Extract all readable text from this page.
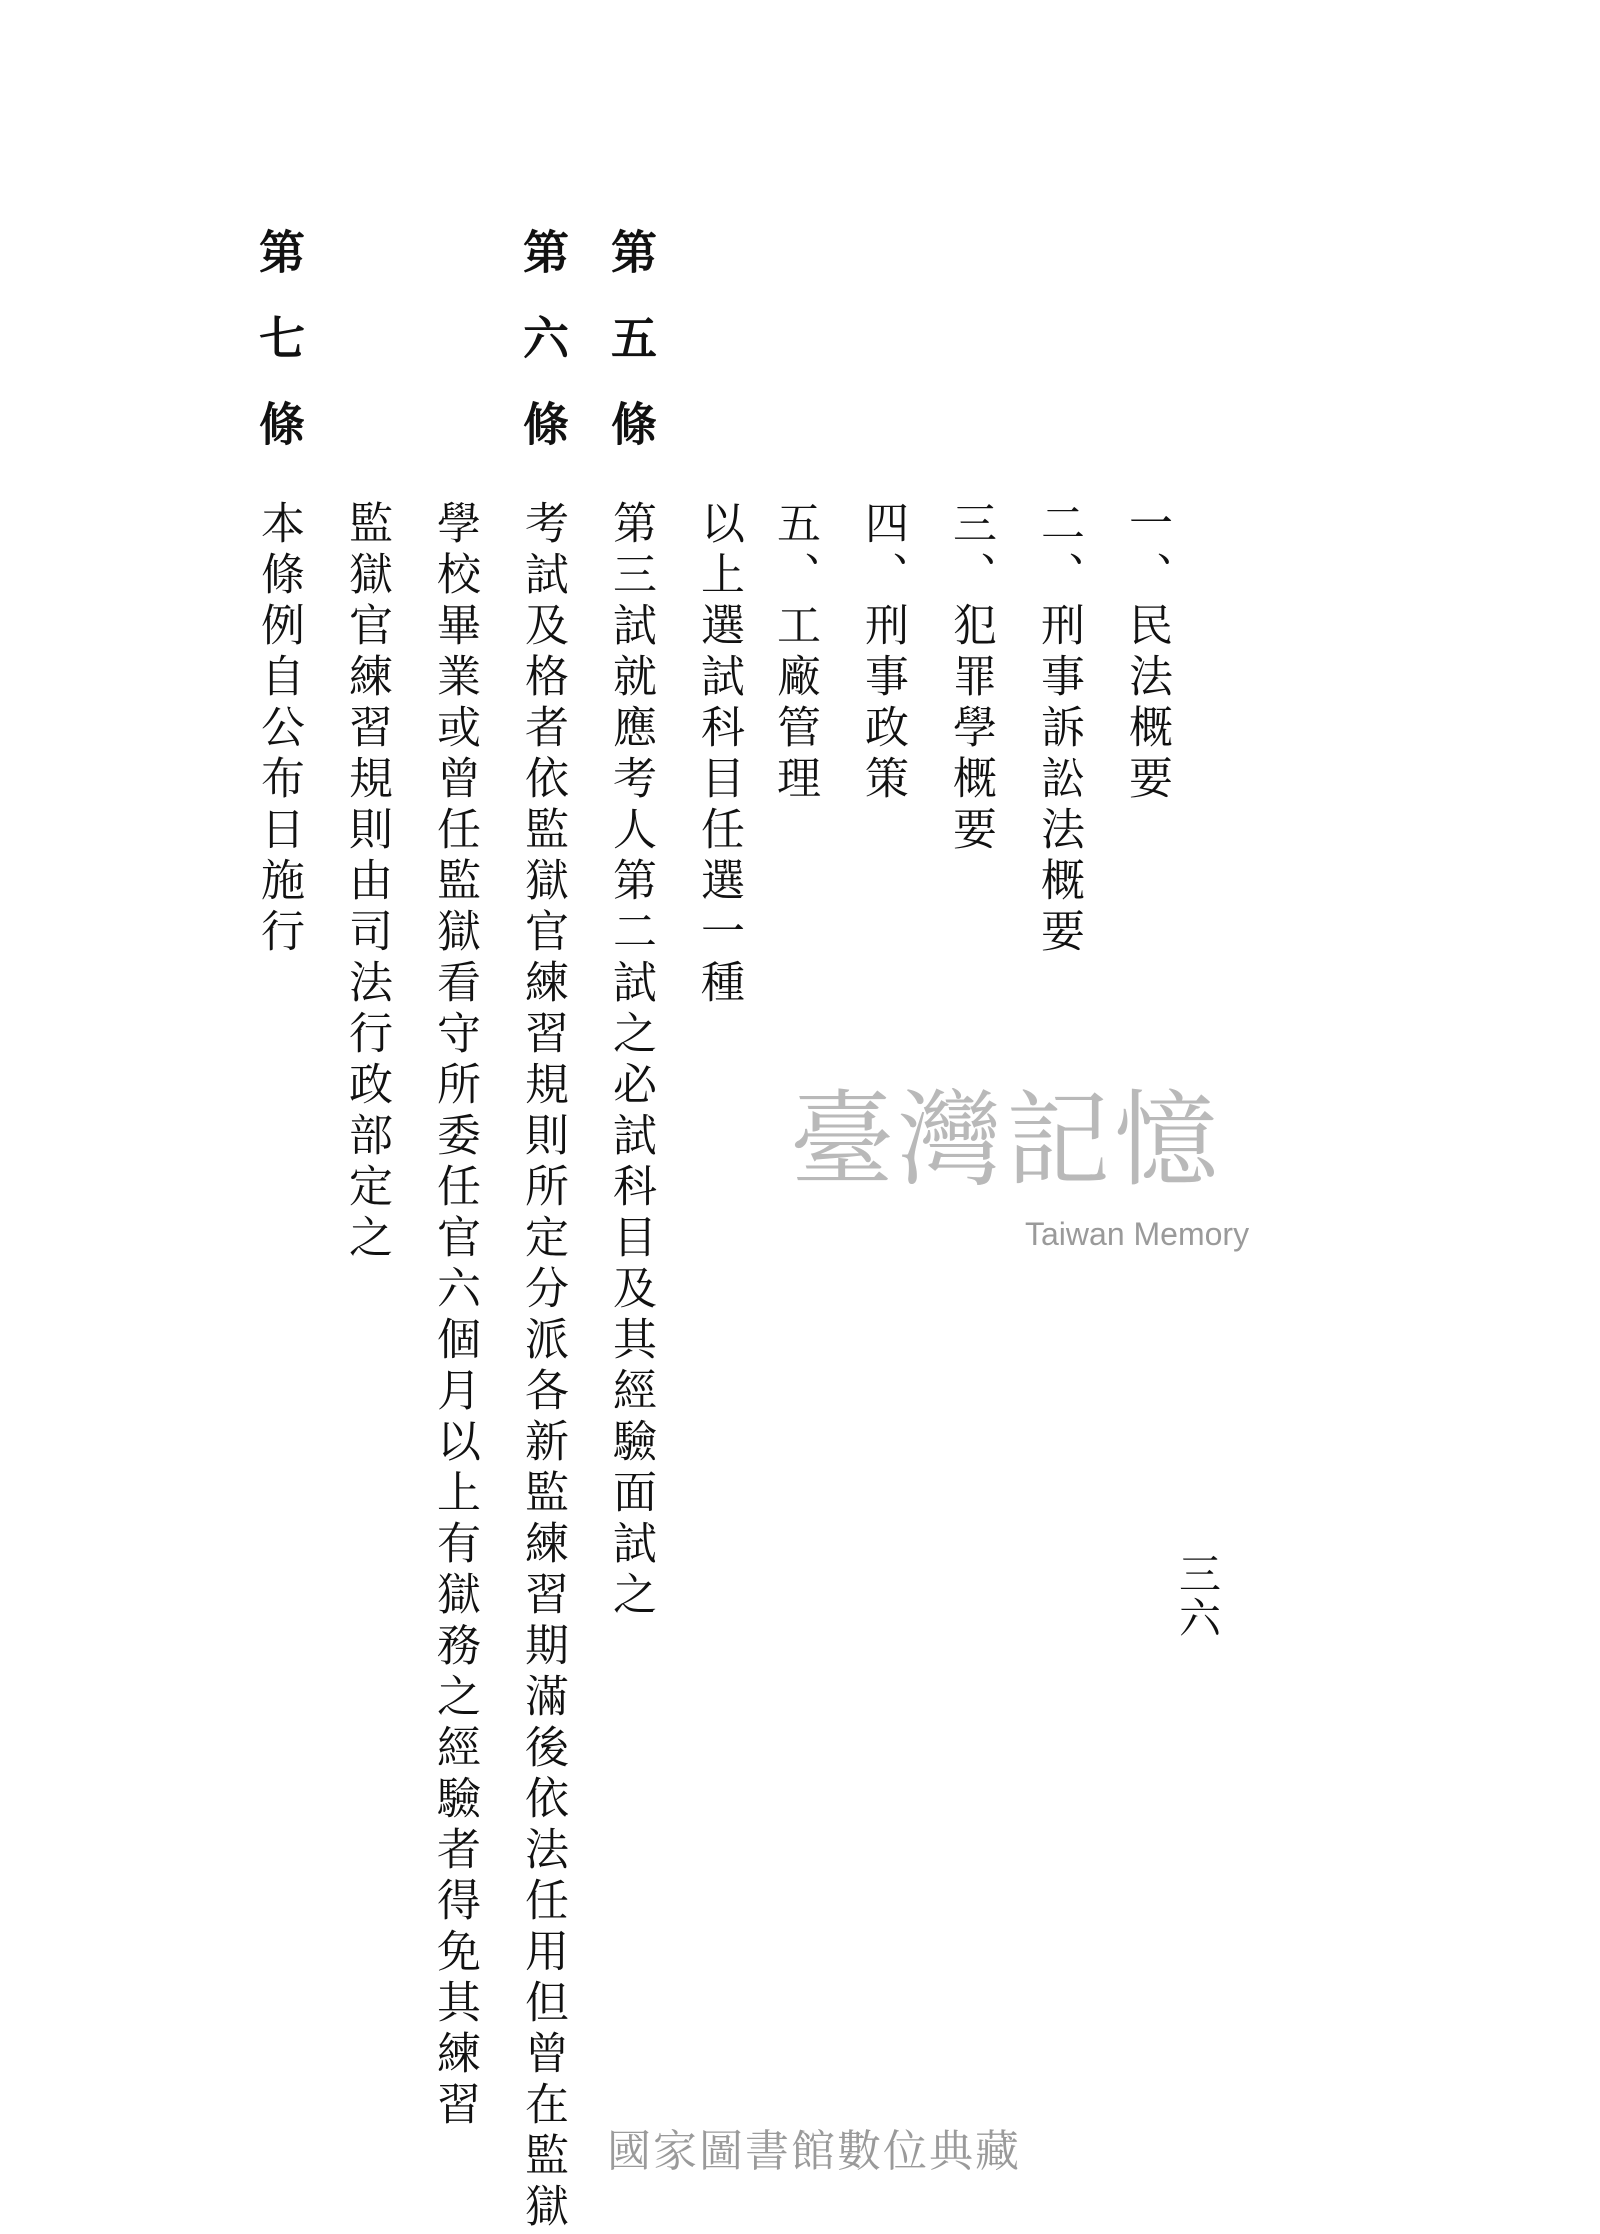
三六
一、民法概要
二、刑事訴訟法概要
三、犯罪學概要
四、刑事政策
五、工廠管理
以上選試科目任選一種
第五條
第三試就應考人第二試之必試科目及其經驗面試之
第六條
考試及格者依監獄官練習規則所定分派各新監練習期滿後依法任用但曾在監獄
學校畢業或曾任監獄看守所委任官六個月以上有獄務之經驗者得免其練習
監獄官練習規則由司法行政部定之
第七條
本條例自公布日施行
臺灣記憶
Taiwan Memory
國家圖書館數位典藏
